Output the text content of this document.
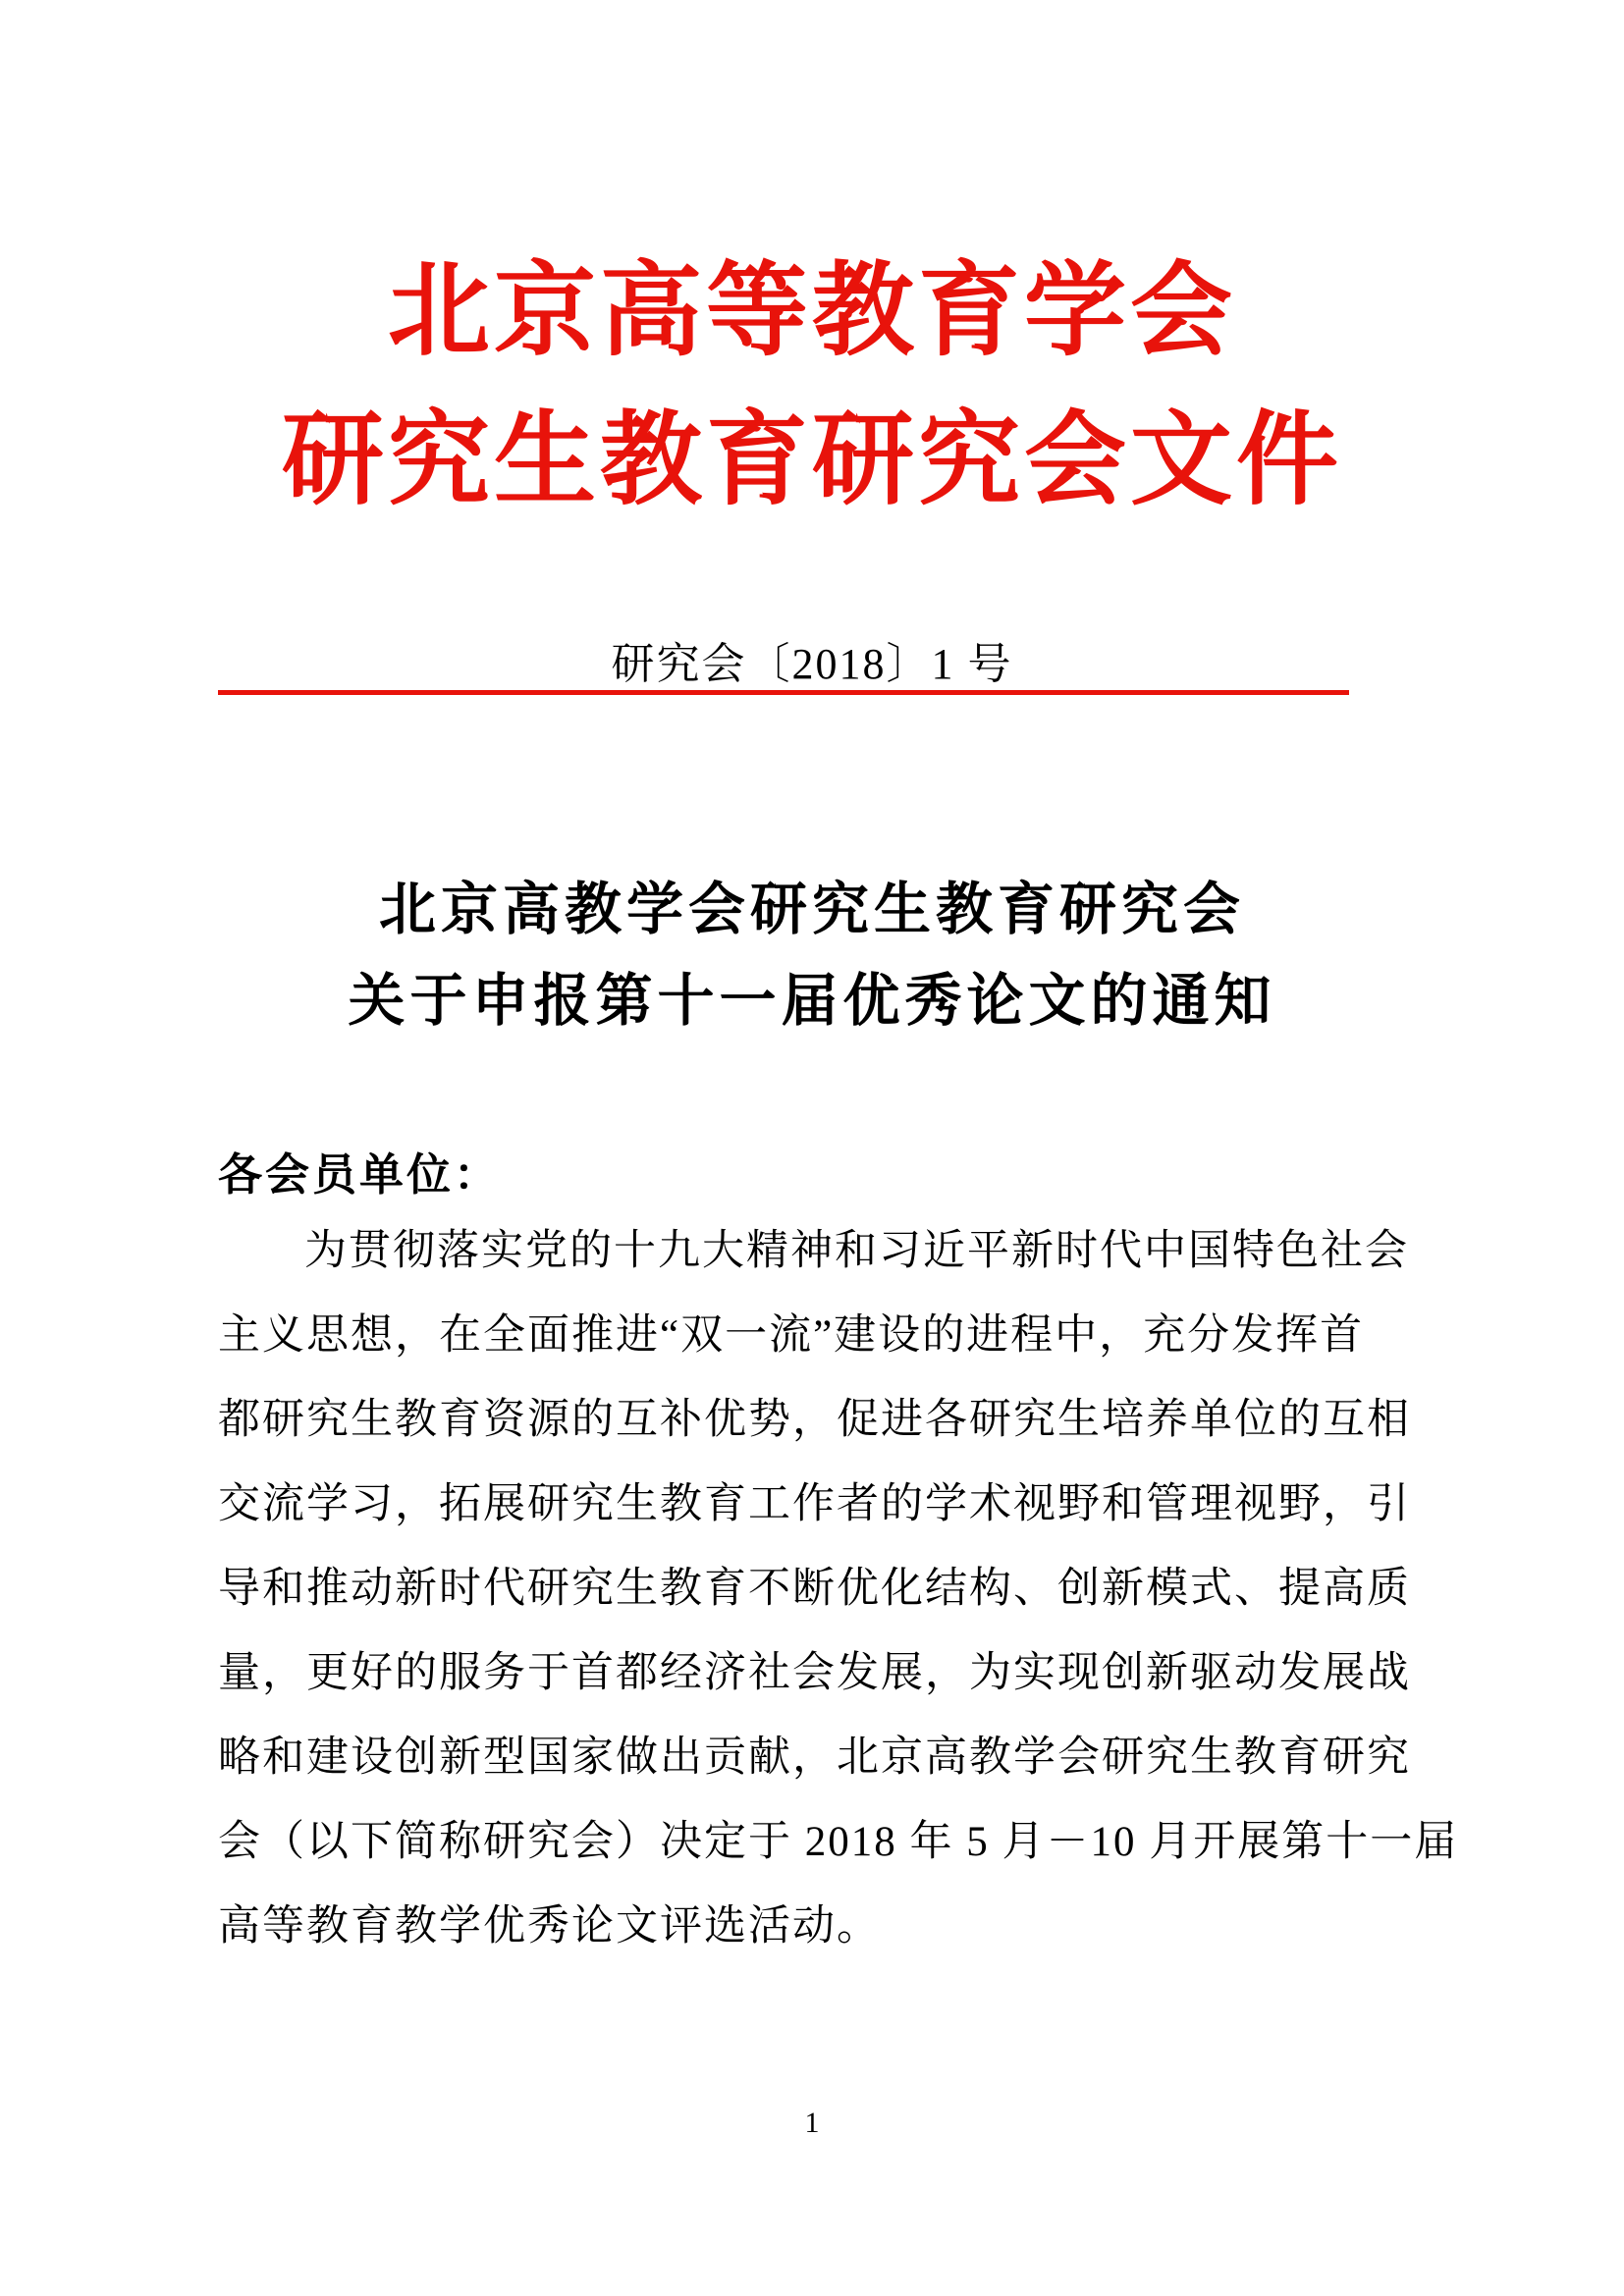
北京高等教育学会
研究生教育研究会文件
研究会〔2018〕1 号
北京高教学会研究生教育研究会
关于申报第十一届优秀论文的通知
各会员单位：
为贯彻落实党的十九大精神和习近平新时代中国特色社会
主义思想，在全面推进“双一流”建设的进程中，充分发挥首
都研究生教育资源的互补优势，促进各研究生培养单位的互相
交流学习，拓展研究生教育工作者的学术视野和管理视野，引
导和推动新时代研究生教育不断优化结构、创新模式、提高质
量，更好的服务于首都经济社会发展，为实现创新驱动发展战
略和建设创新型国家做出贡献，北京高教学会研究生教育研究
会（以下简称研究会）决定于 2018 年 5 月－10 月开展第十一届
高等教育教学优秀论文评选活动。
1
